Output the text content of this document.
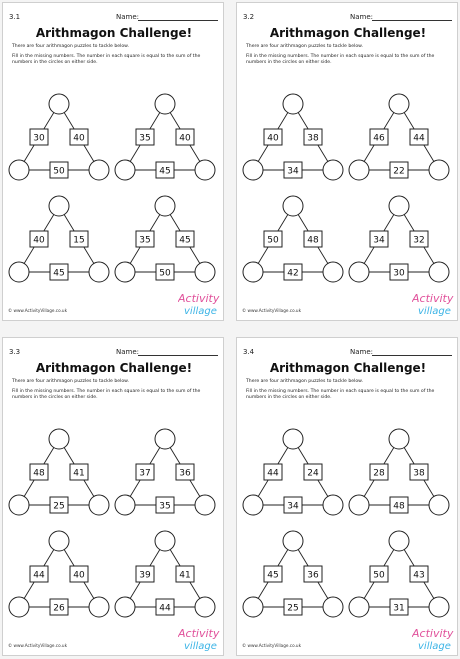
3.1	Name:
Arithmagon Challenge!

There are four arithmagon puzzles to tackle below.

Fill in the missing numbers. The number in each square is equal to the sum of the numbers in the circles on either side.

30	40
50
35	40
45
40	15
45
35	45
50
© www.ActivityVillage.co.uk
Activity
village
3.2	Name:
Arithmagon Challenge!

There are four arithmagon puzzles to tackle below.

Fill in the missing numbers. The number in each square is equal to the sum of the numbers in the circles on either side.

40	38
34
46	44
22
50	48
42
34	32
30
© www.ActivityVillage.co.uk
Activity
village
3.3	Name:
Arithmagon Challenge!

There are four arithmagon puzzles to tackle below.

Fill in the missing numbers. The number in each square is equal to the sum of the numbers in the circles on either side.

48	41
25
37	36
35
44	40
26
39	41
44
© www.ActivityVillage.co.uk
Activity
village
3.4	Name:
Arithmagon Challenge!

There are four arithmagon puzzles to tackle below.

Fill in the missing numbers. The number in each square is equal to the sum of the numbers in the circles on either side.

44	24
34
28	38
48
45	36
25
50	43
31
© www.ActivityVillage.co.uk
Activity
village
